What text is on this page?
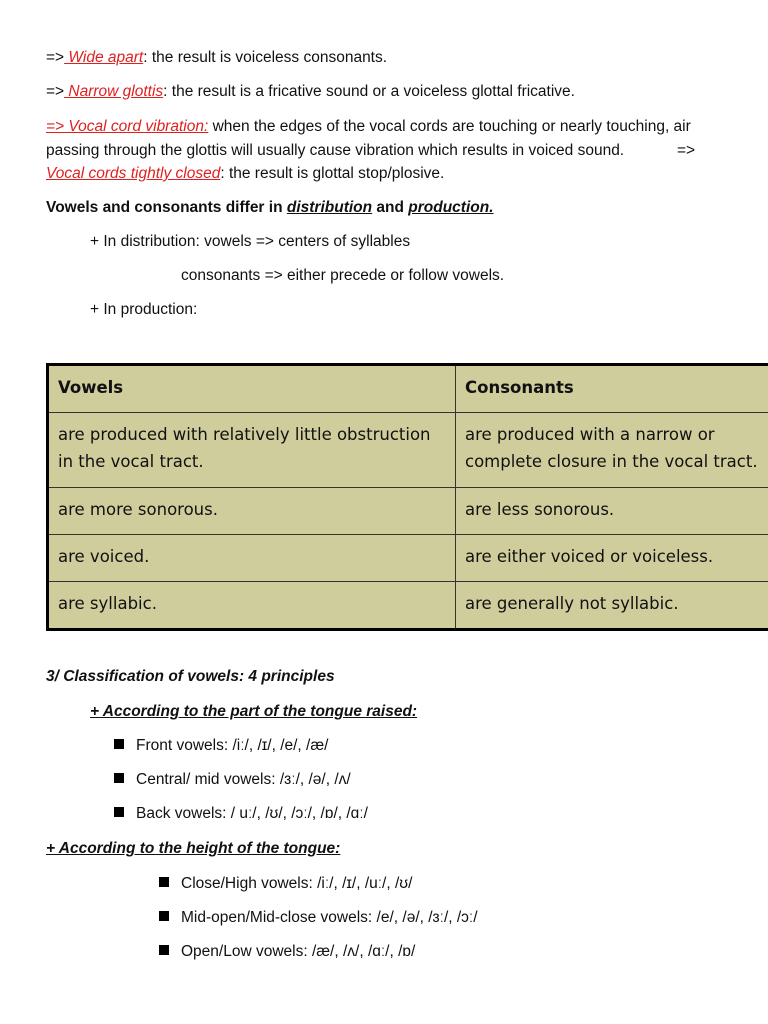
=> Wide apart: the result is voiceless consonants.
=> Narrow glottis: the result is a fricative sound or a voiceless glottal fricative.
=> Vocal cord vibration: when the edges of the vocal cords are touching or nearly touching, air
passing through the glottis will usually cause vibration which results in voiced sound.	=>
Vocal cords tightly closed: the result is glottal stop/plosive.
Vowels and consonants differ in distribution and production.
+ In distribution: vowels => centers of syllables
consonants => either precede or follow vowels.
+ In production:
Vowels	Consonants
are produced with relatively little obstruction in the vocal tract.	are produced with a narrow or complete closure in the vocal tract.
are more sonorous.	are less sonorous.
are voiced.	are either voiced or voiceless.
are syllabic.	are generally not syllabic.
3/ Classification of vowels: 4 principles
+ According to the part of the tongue raised:
Front vowels: /iː/, /ɪ/, /e/, /æ/
Central/ mid vowels: /ɜː/, /ə/, /ʌ/
Back vowels: / uː/, /ʊ/, /ɔː/, /ɒ/, /ɑː/
+ According to the height of the tongue:
Close/High vowels: /iː/, /ɪ/, /uː/, /ʊ/
Mid-open/Mid-close vowels: /e/, /ə/, /ɜː/, /ɔː/
Open/Low vowels: /æ/, /ʌ/, /ɑː/, /ɒ/
